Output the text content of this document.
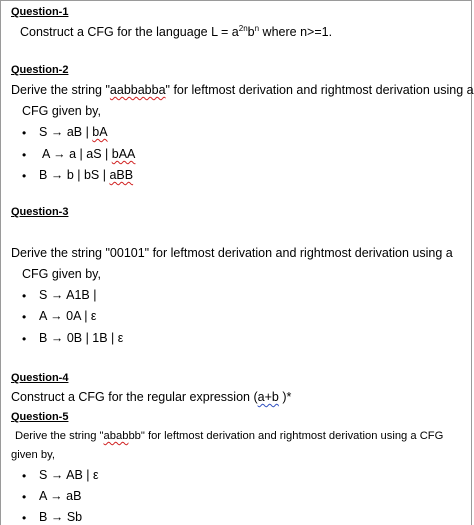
Question-1
Construct a CFG for the language $L = a^{2n}b^n$ where n>=1.
Question-2
Derive the string "aabbabba" for leftmost derivation and rightmost derivation using a
CFG given by,
• S → aB | bA
• A → a | aS | bAA
• B → b | bS | aBB
Question-3
Derive the string "00101" for leftmost derivation and rightmost derivation using a
CFG given by,
• S → A1B |
• A → 0A | ε
• B → 0B | 1B | ε
Question-4
Construct a CFG for the regular expression (a+b )*
Question-5
Derive the string "ababbb" for leftmost derivation and rightmost derivation using a CFG
given by,
• S → AB | ε
• A → aB
• B → Sb
